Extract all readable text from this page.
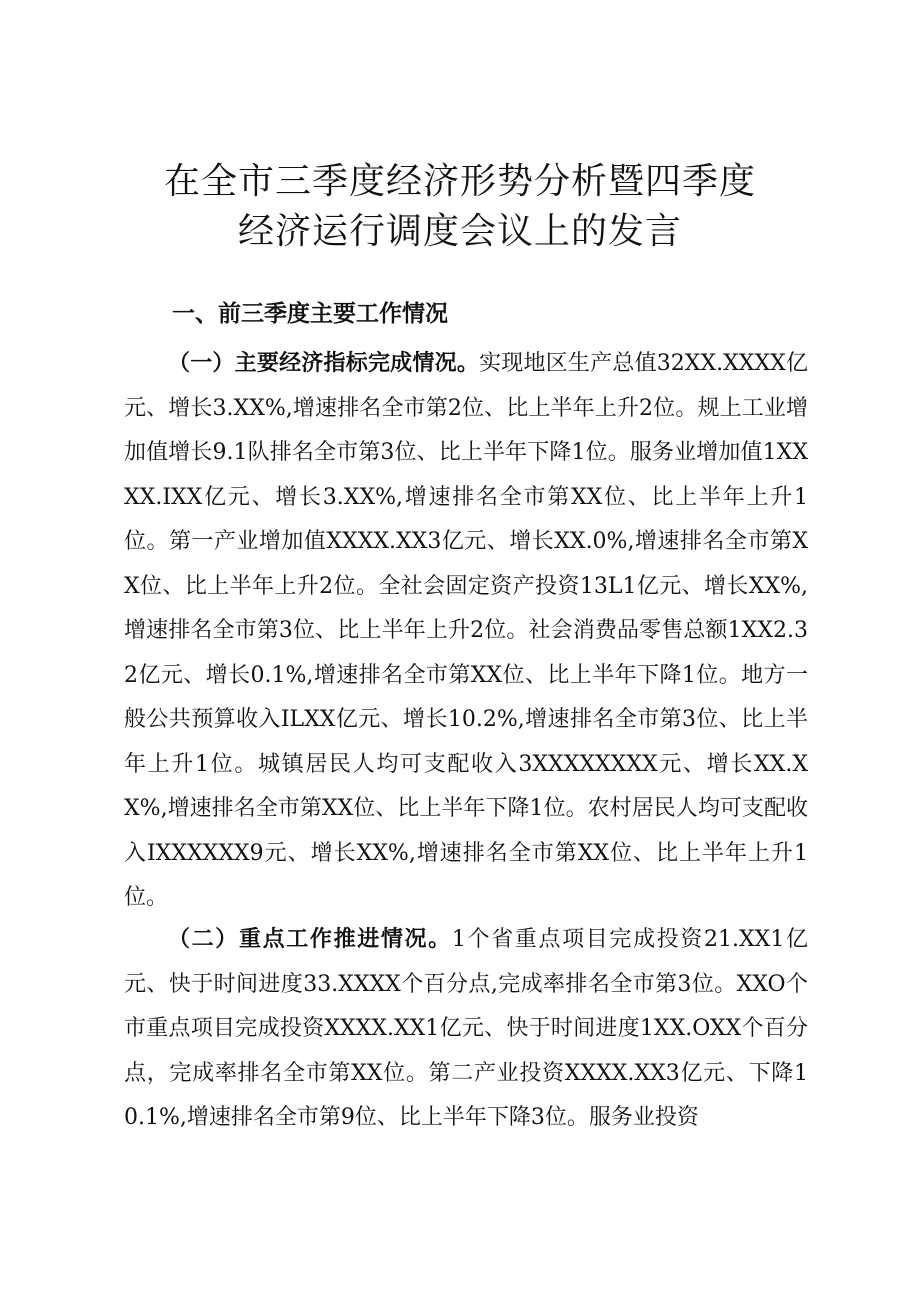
在全市三季度经济形势分析暨四季度
经济运行调度会议上的发言
一、前三季度主要工作情况

（一）主要经济指标完成情况。实现地区生产总值32XX.XXXX亿元、增长3.XX%,增速排名全市第2位、比上半年上升2位。规上工业增加值增长9.1队排名全市第3位、比上半年下降1位。服务业增加值1XXXX.IXX亿元、增长3.XX%,增速排名全市第XX位、比上半年上升1位。第一产业增加值XXXX.XX3亿元、增长XX.0%,增速排名全市第XX位、比上半年上升2位。全社会固定资产投资13L1亿元、增长XX%,增速排名全市第3位、比上半年上升2位。社会消费品零售总额1XX2.32亿元、增长0.1%,增速排名全市第XX位、比上半年下降1位。地方一般公共预算收入ILXX亿元、增长10.2%,增速排名全市第3位、比上半年上升1位。城镇居民人均可支配收入3XXXXXXXX元、增长XX.XX%,增速排名全市第XX位、比上半年下降1位。农村居民人均可支配收入IXXXXXX9元、增长XX%,增速排名全市第XX位、比上半年上升1位。

（二）重点工作推进情况。1个省重点项目完成投资21.XX1亿元、快于时间进度33.XXXX个百分点,完成率排名全市第3位。XXO个市重点项目完成投资XXXX.XX1亿元、快于时间进度1XX.OXX个百分点，完成率排名全市第XX位。第二产业投资XXXX.XX3亿元、下降10.1%,增速排名全市第9位、比上半年下降3位。服务业投资
